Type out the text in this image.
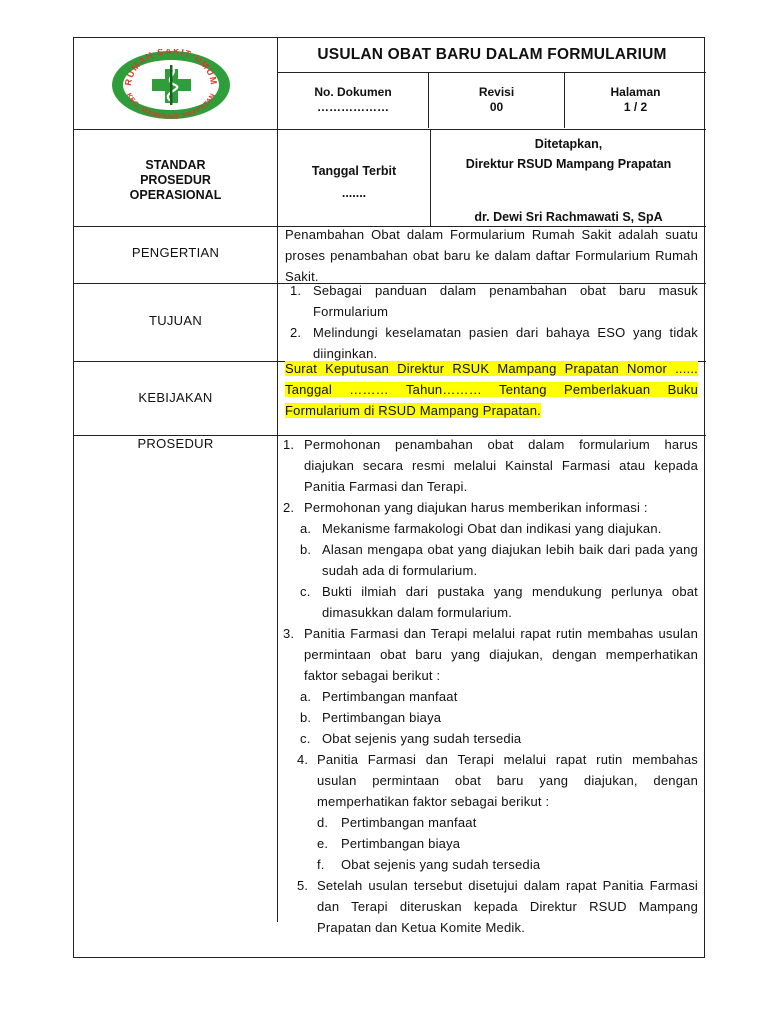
RUMAH SAKIT UMUM
KEC. MAMPANG PRAPATAN
USULAN OBAT BARU DALAM FORMULARIUM
No. Dokumen
………………
Revisi
00
Halaman
1 / 2
STANDAR
PROSEDUR
OPERASIONAL
Tanggal Terbit
.......
Ditetapkan,
Direktur RSUD Mampang Prapatan
dr. Dewi Sri Rachmawati S, SpA
PENGERTIAN
Penambahan Obat dalam Formularium Rumah Sakit adalah suatu proses penambahan obat baru ke dalam daftar Formularium Rumah Sakit.
TUJUAN
1. Sebagai panduan dalam penambahan obat baru masuk Formularium
2. Melindungi keselamatan pasien dari bahaya ESO yang tidak diinginkan.
KEBIJAKAN
Surat Keputusan Direktur RSUK Mampang Prapatan Nomor ...... Tanggal ……… Tahun……… Tentang Pemberlakuan Buku Formularium di RSUD Mampang Prapatan.
PROSEDUR	1. Permohonan penambahan obat dalam formularium harus diajukan secara resmi melalui Kainstal Farmasi atau kepada Panitia Farmasi dan Terapi.
2. Permohonan yang diajukan harus memberikan informasi :
a. Mekanisme farmakologi Obat dan indikasi yang diajukan.
b. Alasan mengapa obat yang diajukan lebih baik dari pada yang sudah ada di formularium.
c. Bukti ilmiah dari pustaka yang mendukung perlunya obat dimasukkan dalam formularium.
3. Panitia Farmasi dan Terapi melalui rapat rutin membahas usulan permintaan obat baru yang diajukan, dengan memperhatikan faktor sebagai berikut :
a. Pertimbangan manfaat
b. Pertimbangan biaya
c. Obat sejenis yang sudah tersedia
4. Panitia Farmasi dan Terapi melalui rapat rutin membahas usulan permintaan obat baru yang diajukan, dengan memperhatikan faktor sebagai berikut :
d. Pertimbangan manfaat
e. Pertimbangan biaya
f. Obat sejenis yang sudah tersedia
5. Setelah usulan tersebut disetujui dalam rapat Panitia Farmasi dan Terapi diteruskan kepada Direktur RSUD Mampang Prapatan dan Ketua Komite Medik.
